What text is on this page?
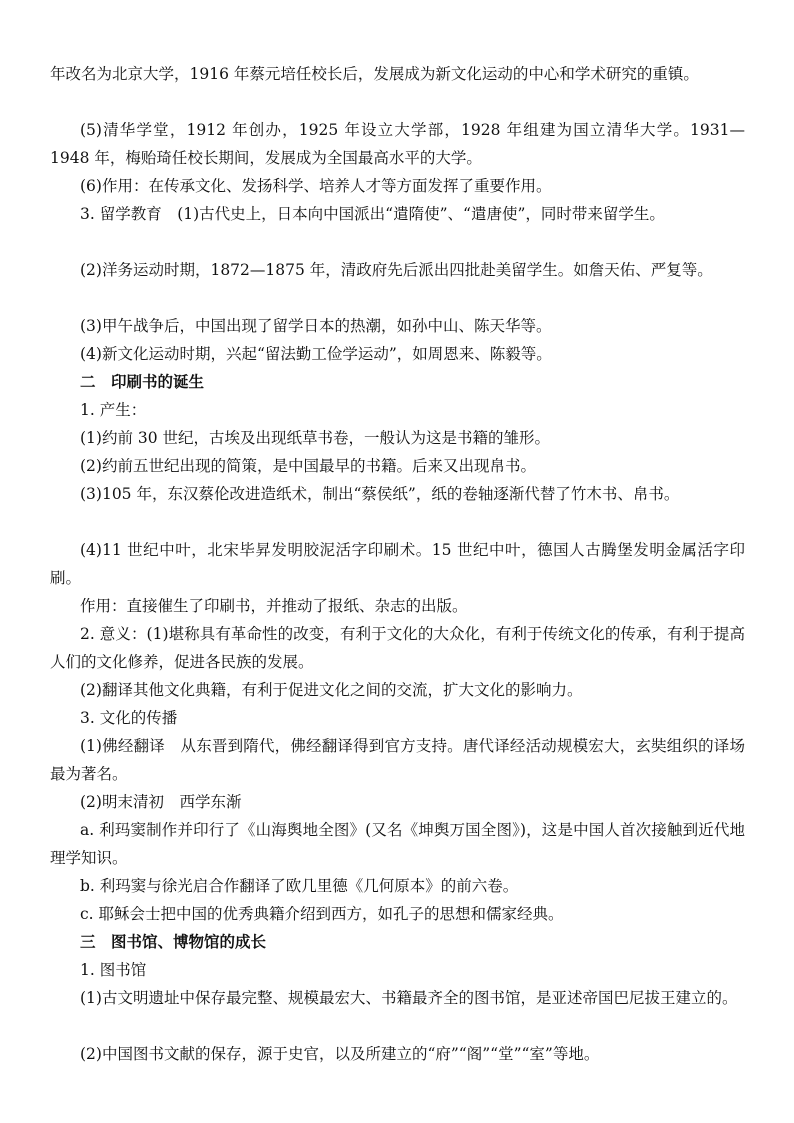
年改名为北京大学，1916 年蔡元培任校长后，发展成为新文化运动的中心和学术研究的重镇。

(5)清华学堂，1912 年创办，1925 年设立大学部，1928 年组建为国立清华大学。1931—1948 年，梅贻琦任校长期间，发展成为全国最高水平的大学。

(6)作用：在传承文化、发扬科学、培养人才等方面发挥了重要作用。

3. 留学教育　(1)古代史上，日本向中国派出“遣隋使”、“遣唐使”，同时带来留学生。

(2)洋务运动时期，1872—1875 年，清政府先后派出四批赴美留学生。如詹天佑、严复等。

(3)甲午战争后，中国出现了留学日本的热潮，如孙中山、陈天华等。

(4)新文化运动时期，兴起“留法勤工俭学运动”，如周恩来、陈毅等。

二　印刷书的诞生

1. 产生：

(1)约前 30 世纪，古埃及出现纸草书卷，一般认为这是书籍的雏形。

(2)约前五世纪出现的简策，是中国最早的书籍。后来又出现帛书。

(3)105 年，东汉蔡伦改进造纸术，制出“蔡侯纸”，纸的卷轴逐渐代替了竹木书、帛书。

(4)11 世纪中叶，北宋毕昇发明胶泥活字印刷术。15 世纪中叶，德国人古腾堡发明金属活字印刷。

作用：直接催生了印刷书，并推动了报纸、杂志的出版。

2. 意义：(1)堪称具有革命性的改变，有利于文化的大众化，有利于传统文化的传承，有利于提高人们的文化修养，促进各民族的发展。

(2)翻译其他文化典籍，有利于促进文化之间的交流，扩大文化的影响力。

3. 文化的传播

(1)佛经翻译　从东晋到隋代，佛经翻译得到官方支持。唐代译经活动规模宏大，玄奘组织的译场最为著名。

(2)明末清初　西学东渐

a. 利玛窦制作并印行了《山海舆地全图》(又名《坤舆万国全图》)，这是中国人首次接触到近代地理学知识。

b. 利玛窦与徐光启合作翻译了欧几里德《几何原本》的前六卷。

c. 耶稣会士把中国的优秀典籍介绍到西方，如孔子的思想和儒家经典。

三　图书馆、博物馆的成长

1. 图书馆

(1)古文明遗址中保存最完整、规模最宏大、书籍最齐全的图书馆，是亚述帝国巴尼拔王建立的。

(2)中国图书文献的保存，源于史官，以及所建立的“府”“阁”“堂”“室”等地。
